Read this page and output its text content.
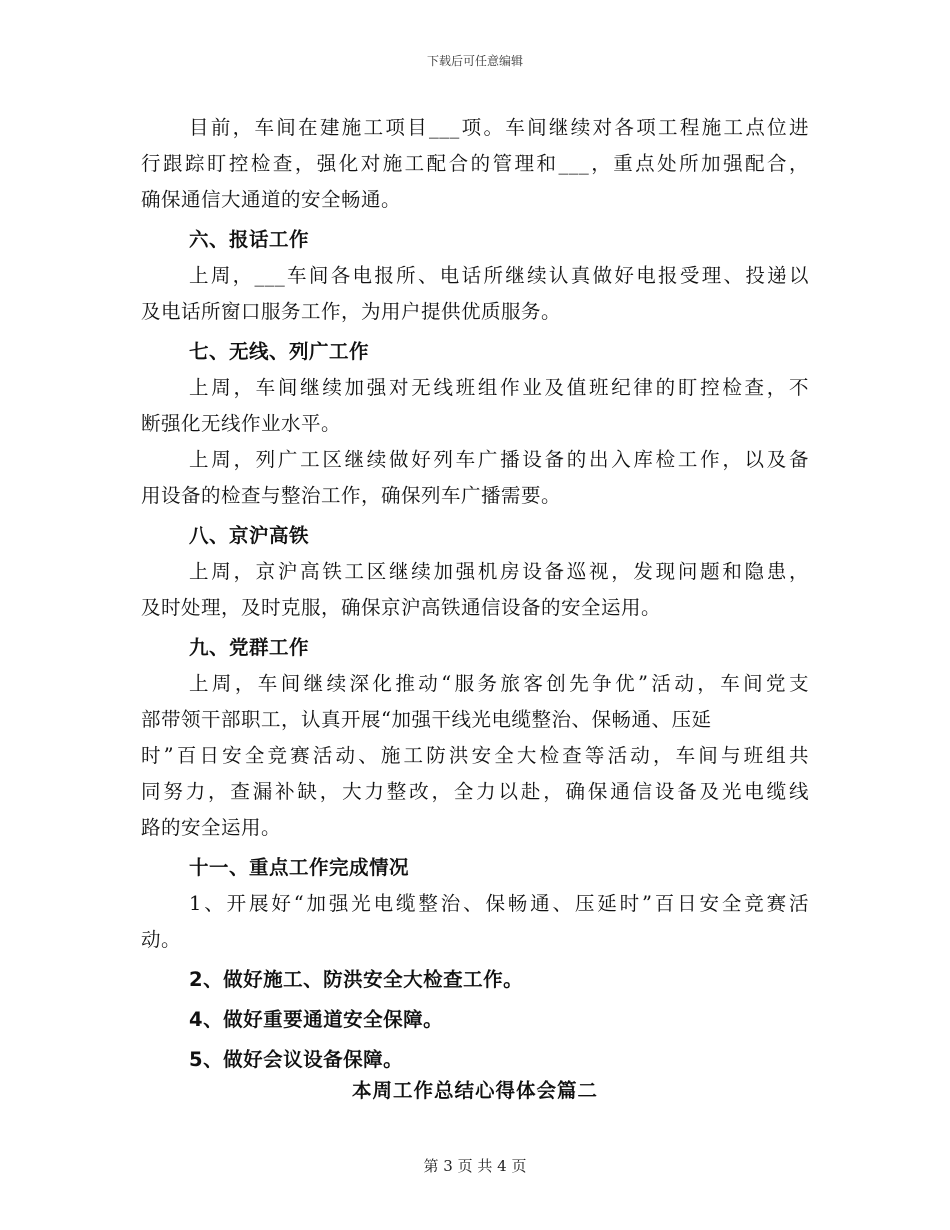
下载后可任意编辑
目前，车间在建施工项目___项。车间继续对各项工程施工点位进
行跟踪盯控检查，强化对施工配合的管理和___，重点处所加强配合，
确保通信大通道的安全畅通。
六、报话工作
上周，___车间各电报所、电话所继续认真做好电报受理、投递以
及电话所窗口服务工作，为用户提供优质服务。
七、无线、列广工作
上周，车间继续加强对无线班组作业及值班纪律的盯控检查，不
断强化无线作业水平。
上周，列广工区继续做好列车广播设备的出入库检工作，以及备
用设备的检查与整治工作，确保列车广播需要。
八、京沪高铁
上周，京沪高铁工区继续加强机房设备巡视，发现问题和隐患，
及时处理，及时克服，确保京沪高铁通信设备的安全运用。
九、党群工作
上周，车间继续深化推动“服务旅客创先争优”活动，车间党支
部带领干部职工，认真开展“加强干线光电缆整治、保畅通、压延
时”百日安全竞赛活动、施工防洪安全大检查等活动，车间与班组共
同努力，查漏补缺，大力整改，全力以赴，确保通信设备及光电缆线
路的安全运用。
十一、重点工作完成情况
1、开展好“加强光电缆整治、保畅通、压延时”百日安全竞赛活
动。
2、做好施工、防洪安全大检查工作。
4、做好重要通道安全保障。
5、做好会议设备保障。
本周工作总结心得体会篇二
第 3 页 共 4 页
